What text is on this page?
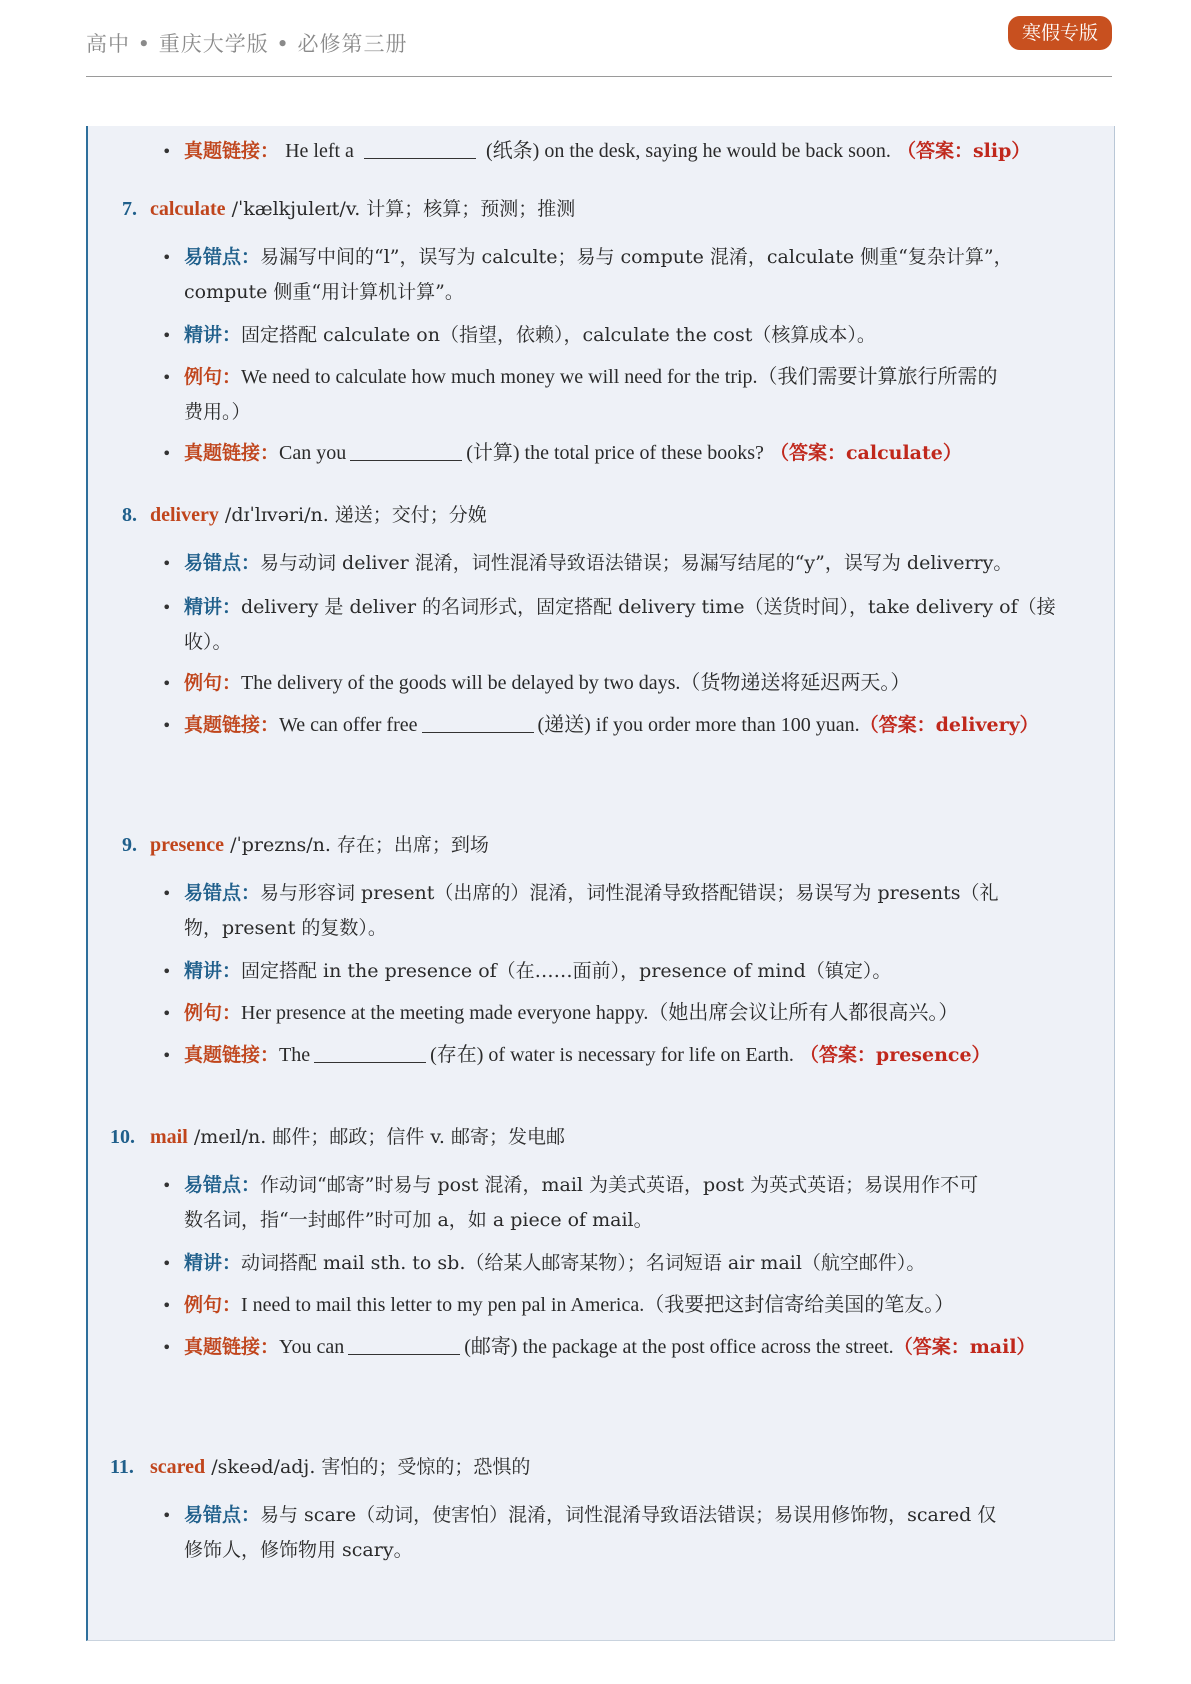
高中 • 重庆大学版 • 必修第三册	寒假专版
• 真题链接： He left a	(纸条) on the desk, saying he would be back soon. （答案：slip）
7. calculate /ˈkælkjuleɪt/v. 计算；核算；预测；推测
• 易错点：易漏写中间的“l”，误写为 calculte；易与 compute 混淆，calculate 侧重“复杂计算”，
compute 侧重“用计算机计算”。
• 精讲：固定搭配 calculate on（指望，依赖），calculate the cost（核算成本）。
• 例句：We need to calculate how much money we will need for the trip.（我们需要计算旅行所需的
费用。）
• 真题链接：Can you	(计算) the total price of these books? （答案：calculate）
8. delivery /dɪˈlɪvəri/n. 递送；交付；分娩
• 易错点：易与动词 deliver 混淆，词性混淆导致语法错误；易漏写结尾的“y”，误写为 deliverry。
• 精讲：delivery 是 deliver 的名词形式，固定搭配 delivery time（送货时间），take delivery of（接
收）。
• 例句：The delivery of the goods will be delayed by two days.（货物递送将延迟两天。）
• 真题链接：We can offer free	(递送) if you order more than 100 yuan.（答案：delivery）
9. presence /ˈprezns/n. 存在；出席；到场
• 易错点：易与形容词 present（出席的）混淆，词性混淆导致搭配错误；易误写为 presents（礼
物，present 的复数）。
• 精讲：固定搭配 in the presence of（在……面前），presence of mind（镇定）。
• 例句：Her presence at the meeting made everyone happy.（她出席会议让所有人都很高兴。）
• 真题链接：The	(存在) of water is necessary for life on Earth. （答案：presence）
10. mail /meɪl/n. 邮件；邮政；信件 v. 邮寄；发电邮
• 易错点：作动词“邮寄”时易与 post 混淆，mail 为美式英语，post 为英式英语；易误用作不可
数名词，指“一封邮件”时可加 a，如 a piece of mail。
• 精讲：动词搭配 mail sth. to sb.（给某人邮寄某物）；名词短语 air mail（航空邮件）。
• 例句：I need to mail this letter to my pen pal in America.（我要把这封信寄给美国的笔友。）
• 真题链接：You can	(邮寄) the package at the post office across the street.（答案：mail）
11. scared /skeəd/adj. 害怕的；受惊的；恐惧的
• 易错点：易与 scare（动词，使害怕）混淆，词性混淆导致语法错误；易误用修饰物，scared 仅
修饰人，修饰物用 scary。
